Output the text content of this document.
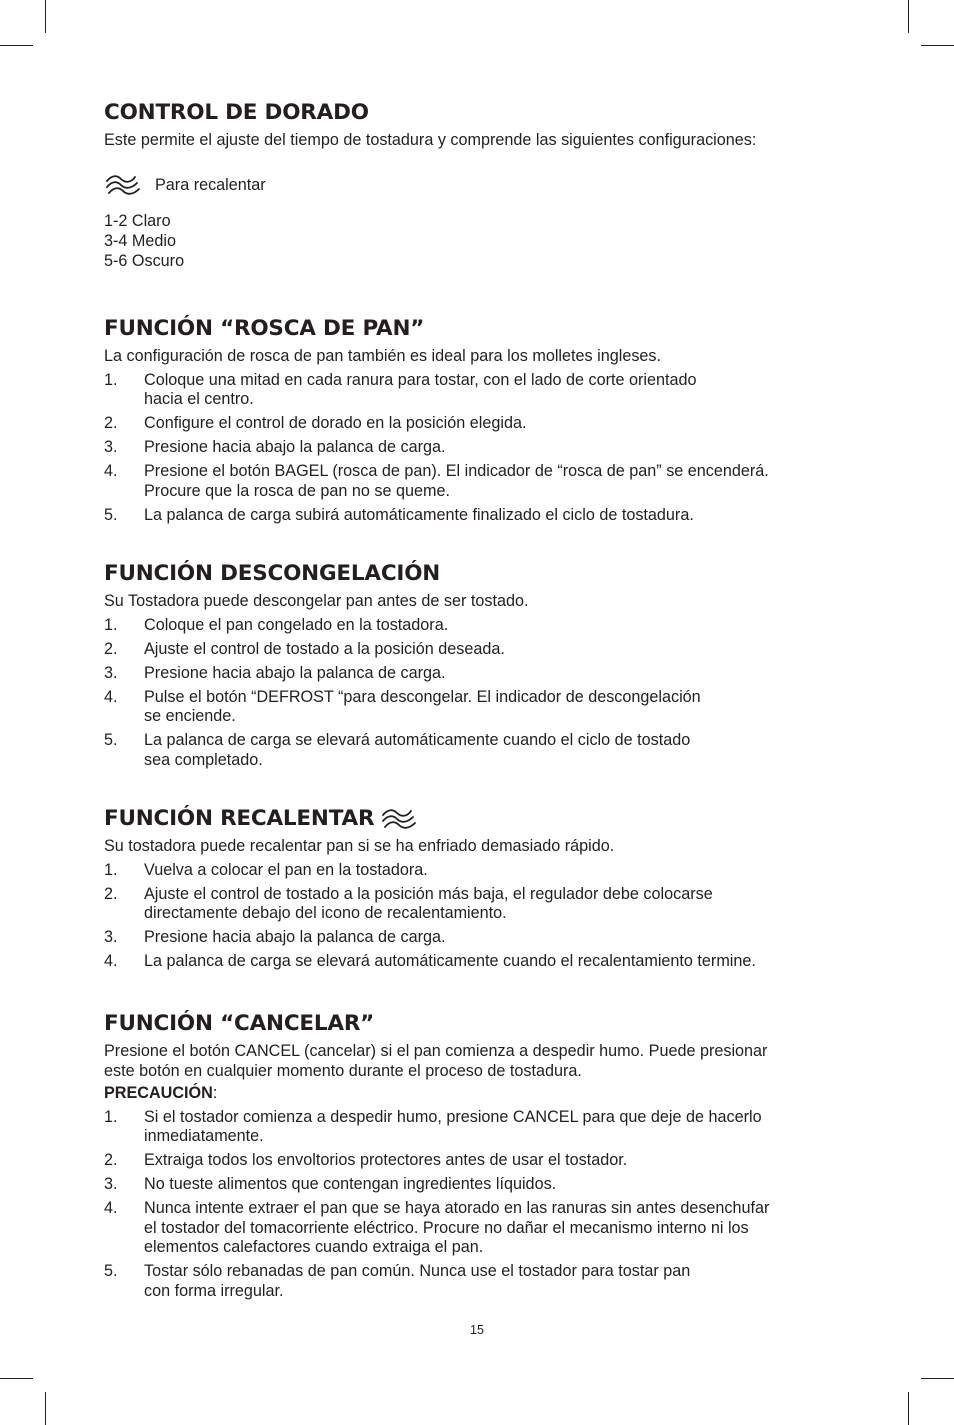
CONTROL DE DORADO

Este permite el ajuste del tiempo de tostadura y comprende las siguientes configuraciones:

Para recalentar

1-2 Claro

3-4 Medio

5-6 Oscuro

FUNCIÓN “ROSCA DE PAN”

La configuración de rosca de pan también es ideal para los molletes ingleses.

1. Coloque una mitad en cada ranura para tostar, con el lado de corte orientado
hacia el centro.
2. Configure el control de dorado en la posición elegida.
3. Presione hacia abajo la palanca de carga.
4. Presione el botón BAGEL (rosca de pan). El indicador de “rosca de pan” se encenderá.
Procure que la rosca de pan no se queme.
5. La palanca de carga subirá automáticamente finalizado el ciclo de tostadura.
FUNCIÓN DESCONGELACIÓN

Su Tostadora puede descongelar pan antes de ser tostado.

1. Coloque el pan congelado en la tostadora.
2. Ajuste el control de tostado a la posición deseada.
3. Presione hacia abajo la palanca de carga.
4. Pulse el botón “DEFROST “para descongelar. El indicador de descongelación
se enciende.
5. La palanca de carga se elevará automáticamente cuando el ciclo de tostado
sea completado.
FUNCIÓN RECALENTAR

Su tostadora puede recalentar pan si se ha enfriado demasiado rápido.

1. Vuelva a colocar el pan en la tostadora.
2. Ajuste el control de tostado a la posición más baja, el regulador debe colocarse
directamente debajo del icono de recalentamiento.
3. Presione hacia abajo la palanca de carga.
4. La palanca de carga se elevará automáticamente cuando el recalentamiento termine.
FUNCIÓN “CANCELAR”

Presione el botón CANCEL (cancelar) si el pan comienza a despedir humo. Puede presionar
este botón en cualquier momento durante el proceso de tostadura.

PRECAUCIÓN:

1. Si el tostador comienza a despedir humo, presione CANCEL para que deje de hacerlo
inmediatamente.
2. Extraiga todos los envoltorios protectores antes de usar el tostador.
3. No tueste alimentos que contengan ingredientes líquidos.
4. Nunca intente extraer el pan que se haya atorado en las ranuras sin antes desenchufar
el tostador del tomacorriente eléctrico. Procure no dañar el mecanismo interno ni los
elementos calefactores cuando extraiga el pan.
5. Tostar sólo rebanadas de pan común. Nunca use el tostador para tostar pan
con forma irregular.
15
